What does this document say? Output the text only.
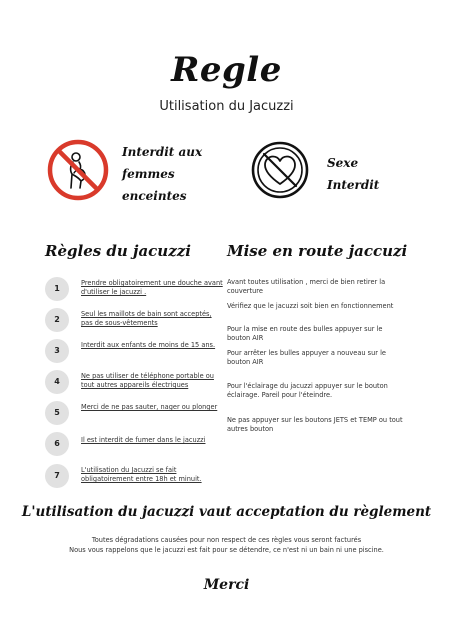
Regle
Utilisation du Jacuzzi
Interdit aux
femmes
enceintes
Sexe
Interdit
Règles du jacuzzi Mise en route jaccuzi
1
Prendre obligatoirement une douche avant d'utiliser le jacuzzi .
2
Seul les maillots de bain sont acceptés, pas de sous-vêtements
3
Interdit aux enfants de moins de 15 ans.
4
Ne pas utiliser de téléphone portable ou tout autres appareils électriques
5
Merci de ne pas sauter, nager ou plonger
6	Il est interdit de fumer dans le jacuzzi
7
L'utilisation du Jacuzzi se fait obligatoirement entre 18h et minuit.
Avant toutes utilisation , merci de bien retirer la couverture
Vérifiez que le jacuzzi soit bien en fonctionnement
Pour la mise en route des bulles appuyer sur le bouton AIR
Pour arrêter les bulles appuyer a nouveau sur le bouton AIR
Pour l'éclairage du jacuzzi appuyer sur le bouton éclairage. Pareil pour l'éteindre.
Ne pas appuyer sur les boutons JETS et TEMP ou tout autres bouton
L'utilisation du jacuzzi vaut acceptation du règlement
Toutes dégradations causées pour non respect de ces règles vous seront facturés
Nous vous rappelons que le jacuzzi est fait pour se détendre, ce n'est ni un bain ni une piscine.
Merci
